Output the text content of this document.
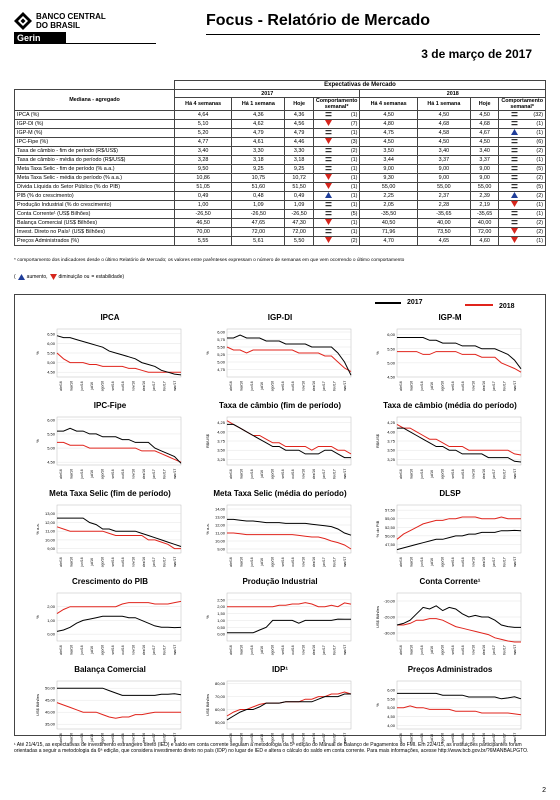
BANCO CENTRAL
DO BRASIL
Gerin
Focus - Relatório de Mercado
3 de março de 2017
	Expectativas de Mercado									
Mediana - agregado	2017					2018				
	Há 4 semanas	Há 1 semana	Hoje	Comportamento semanal*		Há 4 semanas	Há 1 semana	Hoje	Comportamento semanal*	
IPCA (%)	4,64	4,36	4,36		(1)	4,50	4,50	4,50		(32)
IGP-DI (%)	5,10	4,62	4,56		(7)	4,80	4,68	4,68		(1)
IGP-M (%)	5,20	4,79	4,79		(1)	4,75	4,58	4,67		(1)
IPC-Fipe (%)	4,77	4,61	4,46		(3)	4,50	4,50	4,50		(6)
Taxa de câmbio - fim de período (R$/US$)	3,40	3,30	3,30		(2)	3,50	3,40	3,40		(2)
Taxa de câmbio - média do período (R$/US$)	3,28	3,18	3,18		(1)	3,44	3,37	3,37		(1)
Meta Taxa Selic - fim de período (% a.a.)	9,50	9,25	9,25		(1)	9,00	9,00	9,00		(5)
Meta Taxa Selic - média do período (% a.a.)	10,86	10,75	10,72		(1)	9,30	9,00	9,00		(2)
Dívida Líquida do Setor Público (% do PIB)	51,05	51,60	51,50		(1)	55,00	55,00	55,00		(5)
PIB (% do crescimento)	0,49	0,48	0,49		(1)	2,25	2,37	2,39		(2)
Produção Industrial (% do crescimento)	1,00	1,09	1,09		(1)	2,05	2,28	2,19		(1)
Conta Corrente¹ (US$ Bilhões)	-26,50	-26,50	-26,50		(5)	-35,50	-35,65	-35,65		(1)
Balança Comercial (US$ Bilhões)	46,50	47,65	47,30		(1)	40,50	40,00	40,00		(2)
Invest. Direto no País¹ (US$ Bilhões)	70,00	72,00	72,00		(1)	71,96	73,50	72,00		(2)
Preços Administrados (%)	5,55	5,61	5,50		(2)	4,70	4,65	4,60		(1)
* comportamento dos indicadores desde o último Relatório de Mercado; os valores entre parênteses expressam o número de semanas em que vem ocorrendo o último comportamento
( aumento, diminuição ou = estabilidade)
2017
2018
IPCA
6,50
6,00
5,50
5,00
4,50
%
abr/16 mai/16 jun/16 jul/16 ago/16 set/16 out/16 nov/16 dez/16 jan/17 fev/17 mar/17
IGP-DI
6,00
5,75
5,50
5,25
5,00
4,75
%
abr/16 mai/16 jun/16 jul/16 ago/16 set/16 out/16 nov/16 dez/16 jan/17 fev/17 mar/17
IGP-M
6,00
5,50
5,00
4,50
%
abr/16 mai/16 jun/16 jul/16 ago/16 set/16 out/16 nov/16 dez/16 jan/17 fev/17 mar/17
IPC-Fipe
6,00
5,50
5,00
4,50
%
abr/16 mai/16 jun/16 jul/16 ago/16 set/16 out/16 nov/16 dez/16 jan/17 fev/17 mar/17
Taxa de câmbio (fim de período)
4,25
4,00
3,75
3,50
3,25
R$/US$
abr/16 mai/16 jun/16 jul/16 ago/16 set/16 out/16 nov/16 dez/16 jan/17 fev/17 mar/17
Taxa de câmbio (média do período)
4,25
4,00
3,75
3,50
3,25
R$/US$
abr/16 mai/16 jun/16 jul/16 ago/16 set/16 out/16 nov/16 dez/16 jan/17 fev/17 mar/17
Meta Taxa Selic (fim de período)
13,00
12,00
11,00
10,00
9,00
% a.a.
abr/16 mai/16 jun/16 jul/16 ago/16 set/16 out/16 nov/16 dez/16 jan/17 fev/17 mar/17
Meta Taxa Selic (média do período)
14,00
13,00
12,00
11,00
10,00
9,00
% a.a.
abr/16 mai/16 jun/16 jul/16 ago/16 set/16 out/16 nov/16 dez/16 jan/17 fev/17 mar/17
DLSP
57,50
55,00
52,50
50,00
47,50
% do PIB
abr/16 mai/16 jun/16 jul/16 ago/16 set/16 out/16 nov/16 dez/16 jan/17 fev/17 mar/17
Crescimento do PIB
2,00
1,00
0,00
%
abr/16 mai/16 jun/16 jul/16 ago/16 set/16 out/16 nov/16 dez/16 jan/17 fev/17 mar/17
Produção Industrial
2,50
2,00
1,50
1,00
0,50
0,00
%
abr/16 mai/16 jun/16 jul/16 ago/16 set/16 out/16 nov/16 dez/16 jan/17 fev/17 mar/17
Conta Corrente¹
-10,00
-20,00
-30,00
US$ Bilhões
abr/16 mai/16 jun/16 jul/16 ago/16 set/16 out/16 nov/16 dez/16 jan/17 fev/17 mar/17
Balança Comercial
50,00
45,00
40,00
35,00
US$ Bilhões
abr/16 mai/16 jun/16 jul/16 ago/16 set/16 out/16 nov/16 dez/16 jan/17 fev/17 mar/17
IDP¹
80,00
70,00
60,00
50,00
US$ Bilhões
abr/16 mai/16 jun/16 jul/16 ago/16 set/16 out/16 nov/16 dez/16 jan/17 fev/17 mar/17
Preços Administrados
6,00
5,50
5,00
4,50
4,00
%
abr/16 mai/16 jun/16 jul/16 ago/16 set/16 out/16 nov/16 dez/16 jan/17 fev/17 mar/17
¹ Até 21/4/15, as expectativas de investimento estrangeiro direto (IED) e saldo em conta corrente seguiam a metodologia da 5ª edição do Manual de Balanço de Pagamentos do FMI. Em 22/4/15, as instituições participantes foram orientadas a seguir a metodologia da 6ª edição, que considera investimento direto no país (IDP) no lugar de IED e altera o cálculo do saldo em conta corrente. Para mais informações, acesse http://www.bcb.gov.br/?6MANBALPGTO.
2
